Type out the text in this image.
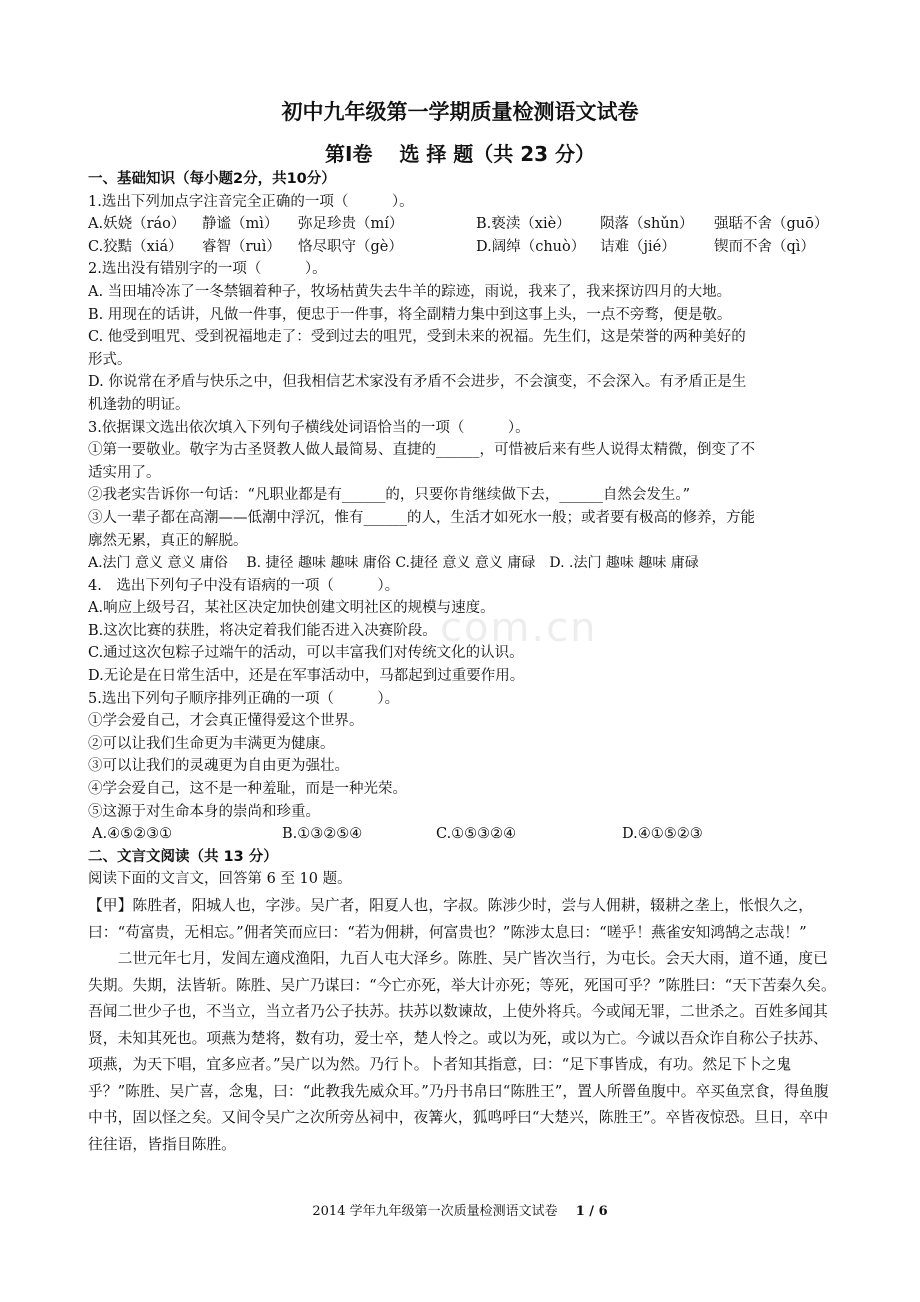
com.cn
初中九年级第一学期质量检测语文试卷
第Ⅰ卷　 选 择 题（共 23 分）
一、基础知识（每小题2分，共10分）
1.选出下列加点字注音完全正确的一项（　　　）。
A.妖娆（ráo）	静谧（mì）	弥足珍贵（mí）	B.亵渎（xiè）	陨落（shǔn）	强聒不舍（guō）
C.狡黠（xiá）	睿智（ruì）	恪尽职守（gè）	D.阔绰（chuò）	诘难（jié）	锲而不舍（qì）
2.选出没有错别字的一项（　　　）。
A. 当田埔冷冻了一冬禁锢着种子，牧场枯黄失去牛羊的踪迹，雨说，我来了，我来探访四月的大地。
B. 用现在的话讲，凡做一件事，便忠于一件事，将全副精力集中到这事上头，一点不旁骛，便是敬。
C. 他受到咀咒、受到祝福地走了：受到过去的咀咒，受到未来的祝福。先生们，这是荣誉的两种美好的
形式。
D. 你说常在矛盾与快乐之中，但我相信艺术家没有矛盾不会进步，不会演变，不会深入。有矛盾正是生
机逢勃的明证。
3.依据课文选出依次填入下列句子横线处词语恰当的一项（　　　）。
①第一要敬业。敬字为古圣贤教人做人最简易、直捷的______，可惜被后来有些人说得太精微，倒变了不
适实用了。
②我老实告诉你一句话：“凡职业都是有______的，只要你肯继续做下去，______自然会发生。”
③人一辈子都在高潮——低潮中浮沉，惟有______的人，生活才如死水一般；或者要有极高的修养，方能
廓然无累，真正的解脱。
A.法门 意义 意义 庸俗　 B. 捷径 趣味 趣味 庸俗 C.捷径 意义 意义 庸碌　D. .法门 趣味 趣味 庸碌
4.　选出下列句子中没有语病的一项（　　　）。
A.响应上级号召，某社区决定加快创建文明社区的规模与速度。
B.这次比赛的获胜，将决定着我们能否进入决赛阶段。
C.通过这次包粽子过端午的活动，可以丰富我们对传统文化的认识。
D.无论是在日常生活中，还是在军事活动中，马都起到过重要作用。
5.选出下列句子顺序排列正确的一项（　　　）。
①学会爱自己，才会真正懂得爱这个世界。
②可以让我们生命更为丰满更为健康。
③可以让我们的灵魂更为自由更为强壮。
④学会爱自己，这不是一种羞耻，而是一种光荣。
⑤这源于对生命本身的崇尚和珍重。
A.④⑤②③①	B.①③②⑤④	C.①⑤③②④	D.④①⑤②③
二、文言文阅读（共 13 分）
阅读下面的文言文，回答第 6 至 10 题。

【甲】陈胜者，阳城人也，字涉。吴广者，阳夏人也，字叔。陈涉少时，尝与人佣耕，辍耕之垄上，怅恨久之，曰：“苟富贵，无相忘。”佣者笑而应曰：“若为佣耕，何富贵也？”陈涉太息曰：“嗟乎！燕雀安知鸿鹄之志哉！”

二世元年七月，发闾左適戍渔阳，九百人屯大泽乡。陈胜、吴广皆次当行，为屯长。会天大雨，道不通，度已失期。失期，法皆斩。陈胜、吴广乃谋曰：“今亡亦死，举大计亦死；等死，死国可乎？”陈胜曰：“天下苦秦久矣。吾闻二世少子也，不当立，当立者乃公子扶苏。扶苏以数谏故，上使外将兵。今或闻无罪，二世杀之。百姓多闻其贤，未知其死也。项燕为楚将，数有功，爱士卒，楚人怜之。或以为死，或以为亡。今诚以吾众诈自称公子扶苏、项燕，为天下唱，宜多应者。”吴广以为然。乃行卜。卜者知其指意，曰：“足下事皆成，有功。然足下卜之鬼乎？”陈胜、吴广喜，念鬼，曰：“此教我先威众耳。”乃丹书帛曰“陈胜王”，置人所罾鱼腹中。卒买鱼烹食，得鱼腹中书，固以怪之矣。又间令吴广之次所旁丛祠中，夜篝火，狐鸣呼曰“大楚兴，陈胜王”。卒皆夜惊恐。旦日，卒中往往语，皆指目陈胜。

2014 学年九年级第一次质量检测语文试卷 1 / 6
